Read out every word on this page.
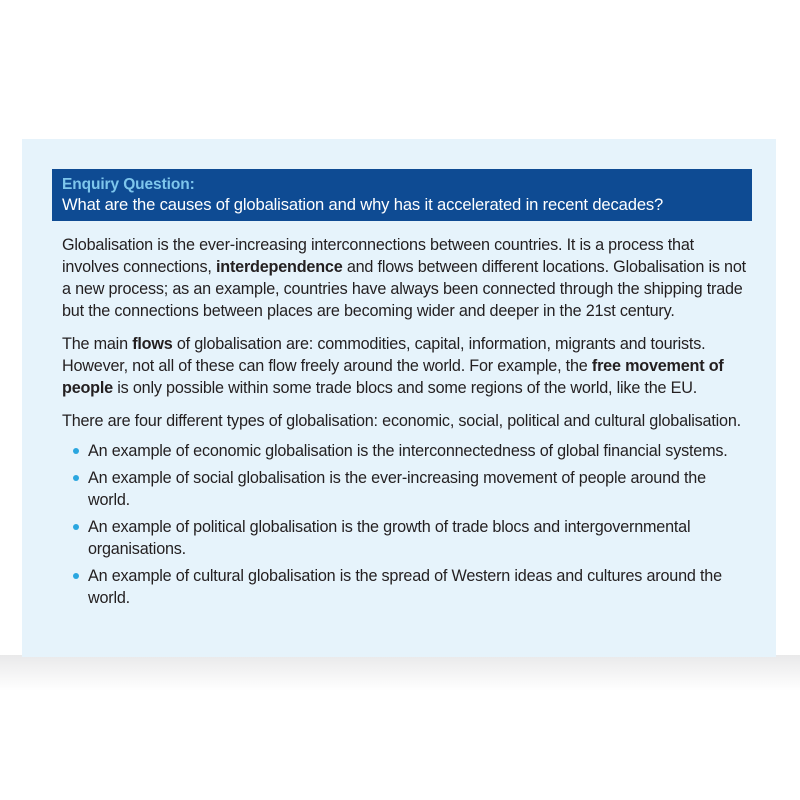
Enquiry Question:
What are the causes of globalisation and why has it accelerated in recent decades?

Globalisation is the ever-increasing interconnections between countries. It is a process that involves connections, interdependence and flows between different locations. Globalisation is not a new process; as an example, countries have always been connected through the shipping trade but the connections between places are becoming wider and deeper in the 21st century.

The main flows of globalisation are: commodities, capital, information, migrants and tourists. However, not all of these can flow freely around the world. For example, the free movement of people is only possible within some trade blocs and some regions of the world, like the EU.

There are four different types of globalisation: economic, social, political and cultural globalisation.

An example of economic globalisation is the interconnectedness of global financial systems.
An example of social globalisation is the ever-increasing movement of people around the world.
An example of political globalisation is the growth of trade blocs and intergovernmental organisations.
An example of cultural globalisation is the spread of Western ideas and cultures around the world.
